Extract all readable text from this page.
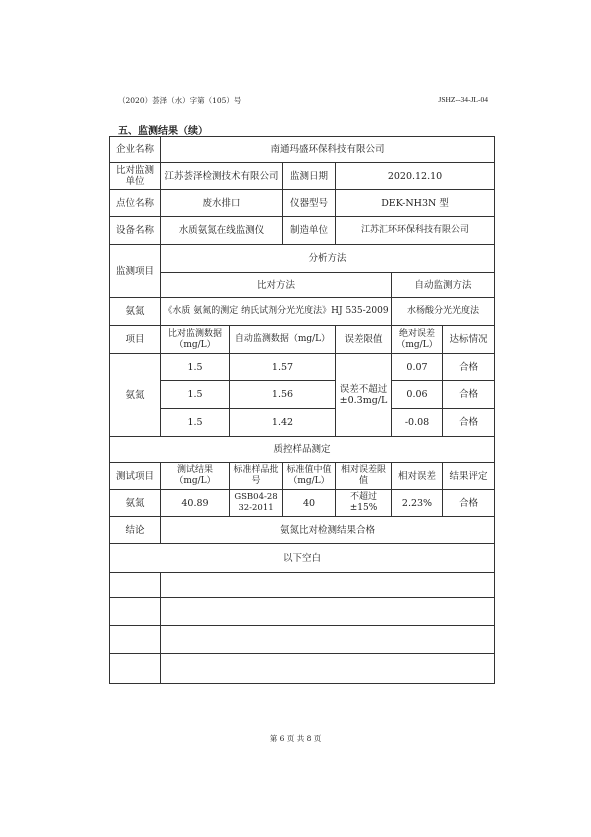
（2020）荟泽（水）字第（105）号	JSHZ--34-JL-04
五、监测结果（续）
企业名称	南通玛盛环保科技有限公司					
比对监测单位	江苏荟泽检测技术有限公司		监测日期	2020.12.10		
点位名称	废水排口		仪器型号	DEK-NH3N 型		
设备名称	水质氨氮在线监测仪		制造单位	江苏汇环环保科技有限公司		
监测项目	分析方法					
	比对方法				自动监测方法	
氨氮	《水质 氨氮的测定 纳氏试剂分光光度法》HJ 535-2009				水杨酸分光光度法	
项目	比对监测数据（mg/L）	自动监测数据（mg/L）		误差限值	绝对误差（mg/L）	达标情况
氨氮	1.5	1.57		误差不超过±0.3mg/L	0.07	合格
	1.5	1.56			0.06	合格
	1.5	1.42			-0.08	合格
质控样品测定						
测试项目	测试结果（mg/L）	标准样品批号	标准值中值（mg/L）	相对误差限值	相对误差	结果评定
氨氮	40.89	GSB04-2832-2011	40	不超过±15%	2.23%	合格
结论	氨氮比对检测结果合格					
以下空白						

第 6 页 共 8 页
